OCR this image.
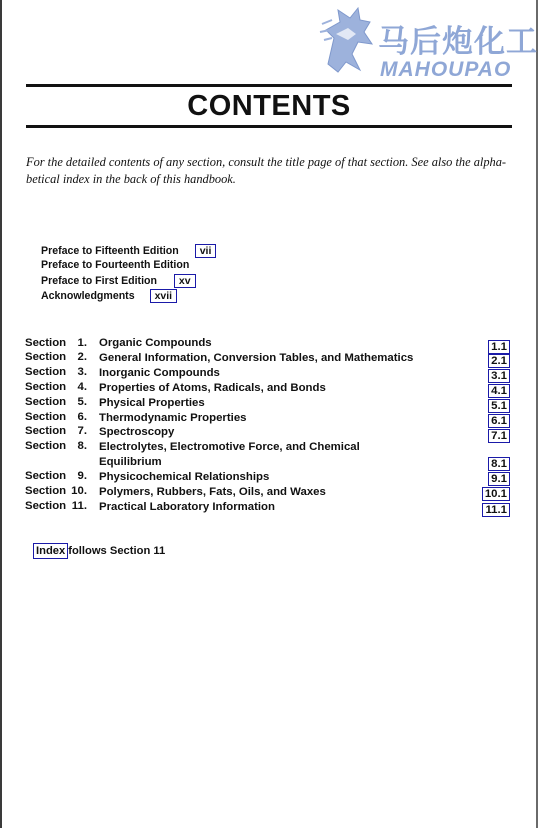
马后炮化工
MAHOUPAO
CONTENTS
For the detailed contents of any section, consult the title page of that section. See also the alpha-betical index in the back of this handbook.
Preface to Fifteenth Edition vii
Preface to Fourteenth Edition
Preface to First Edition xv
Acknowledgments xvii
Section 1. Organic Compounds	1.1
Section 2. General Information, Conversion Tables, and Mathematics	2.1
Section 3. Inorganic Compounds	3.1
Section 4. Properties of Atoms, Radicals, and Bonds	4.1
Section 5. Physical Properties	5.1
Section 6. Thermodynamic Properties	6.1
Section 7. Spectroscopy	7.1
Section 8. Electrolytes, Electromotive Force, and Chemical
Equilibrium	8.1
Section 9. Physicochemical Relationships	9.1
Section 10. Polymers, Rubbers, Fats, Oils, and Waxes	10.1
Section 11. Practical Laboratory Information	11.1
Index follows Section 11
